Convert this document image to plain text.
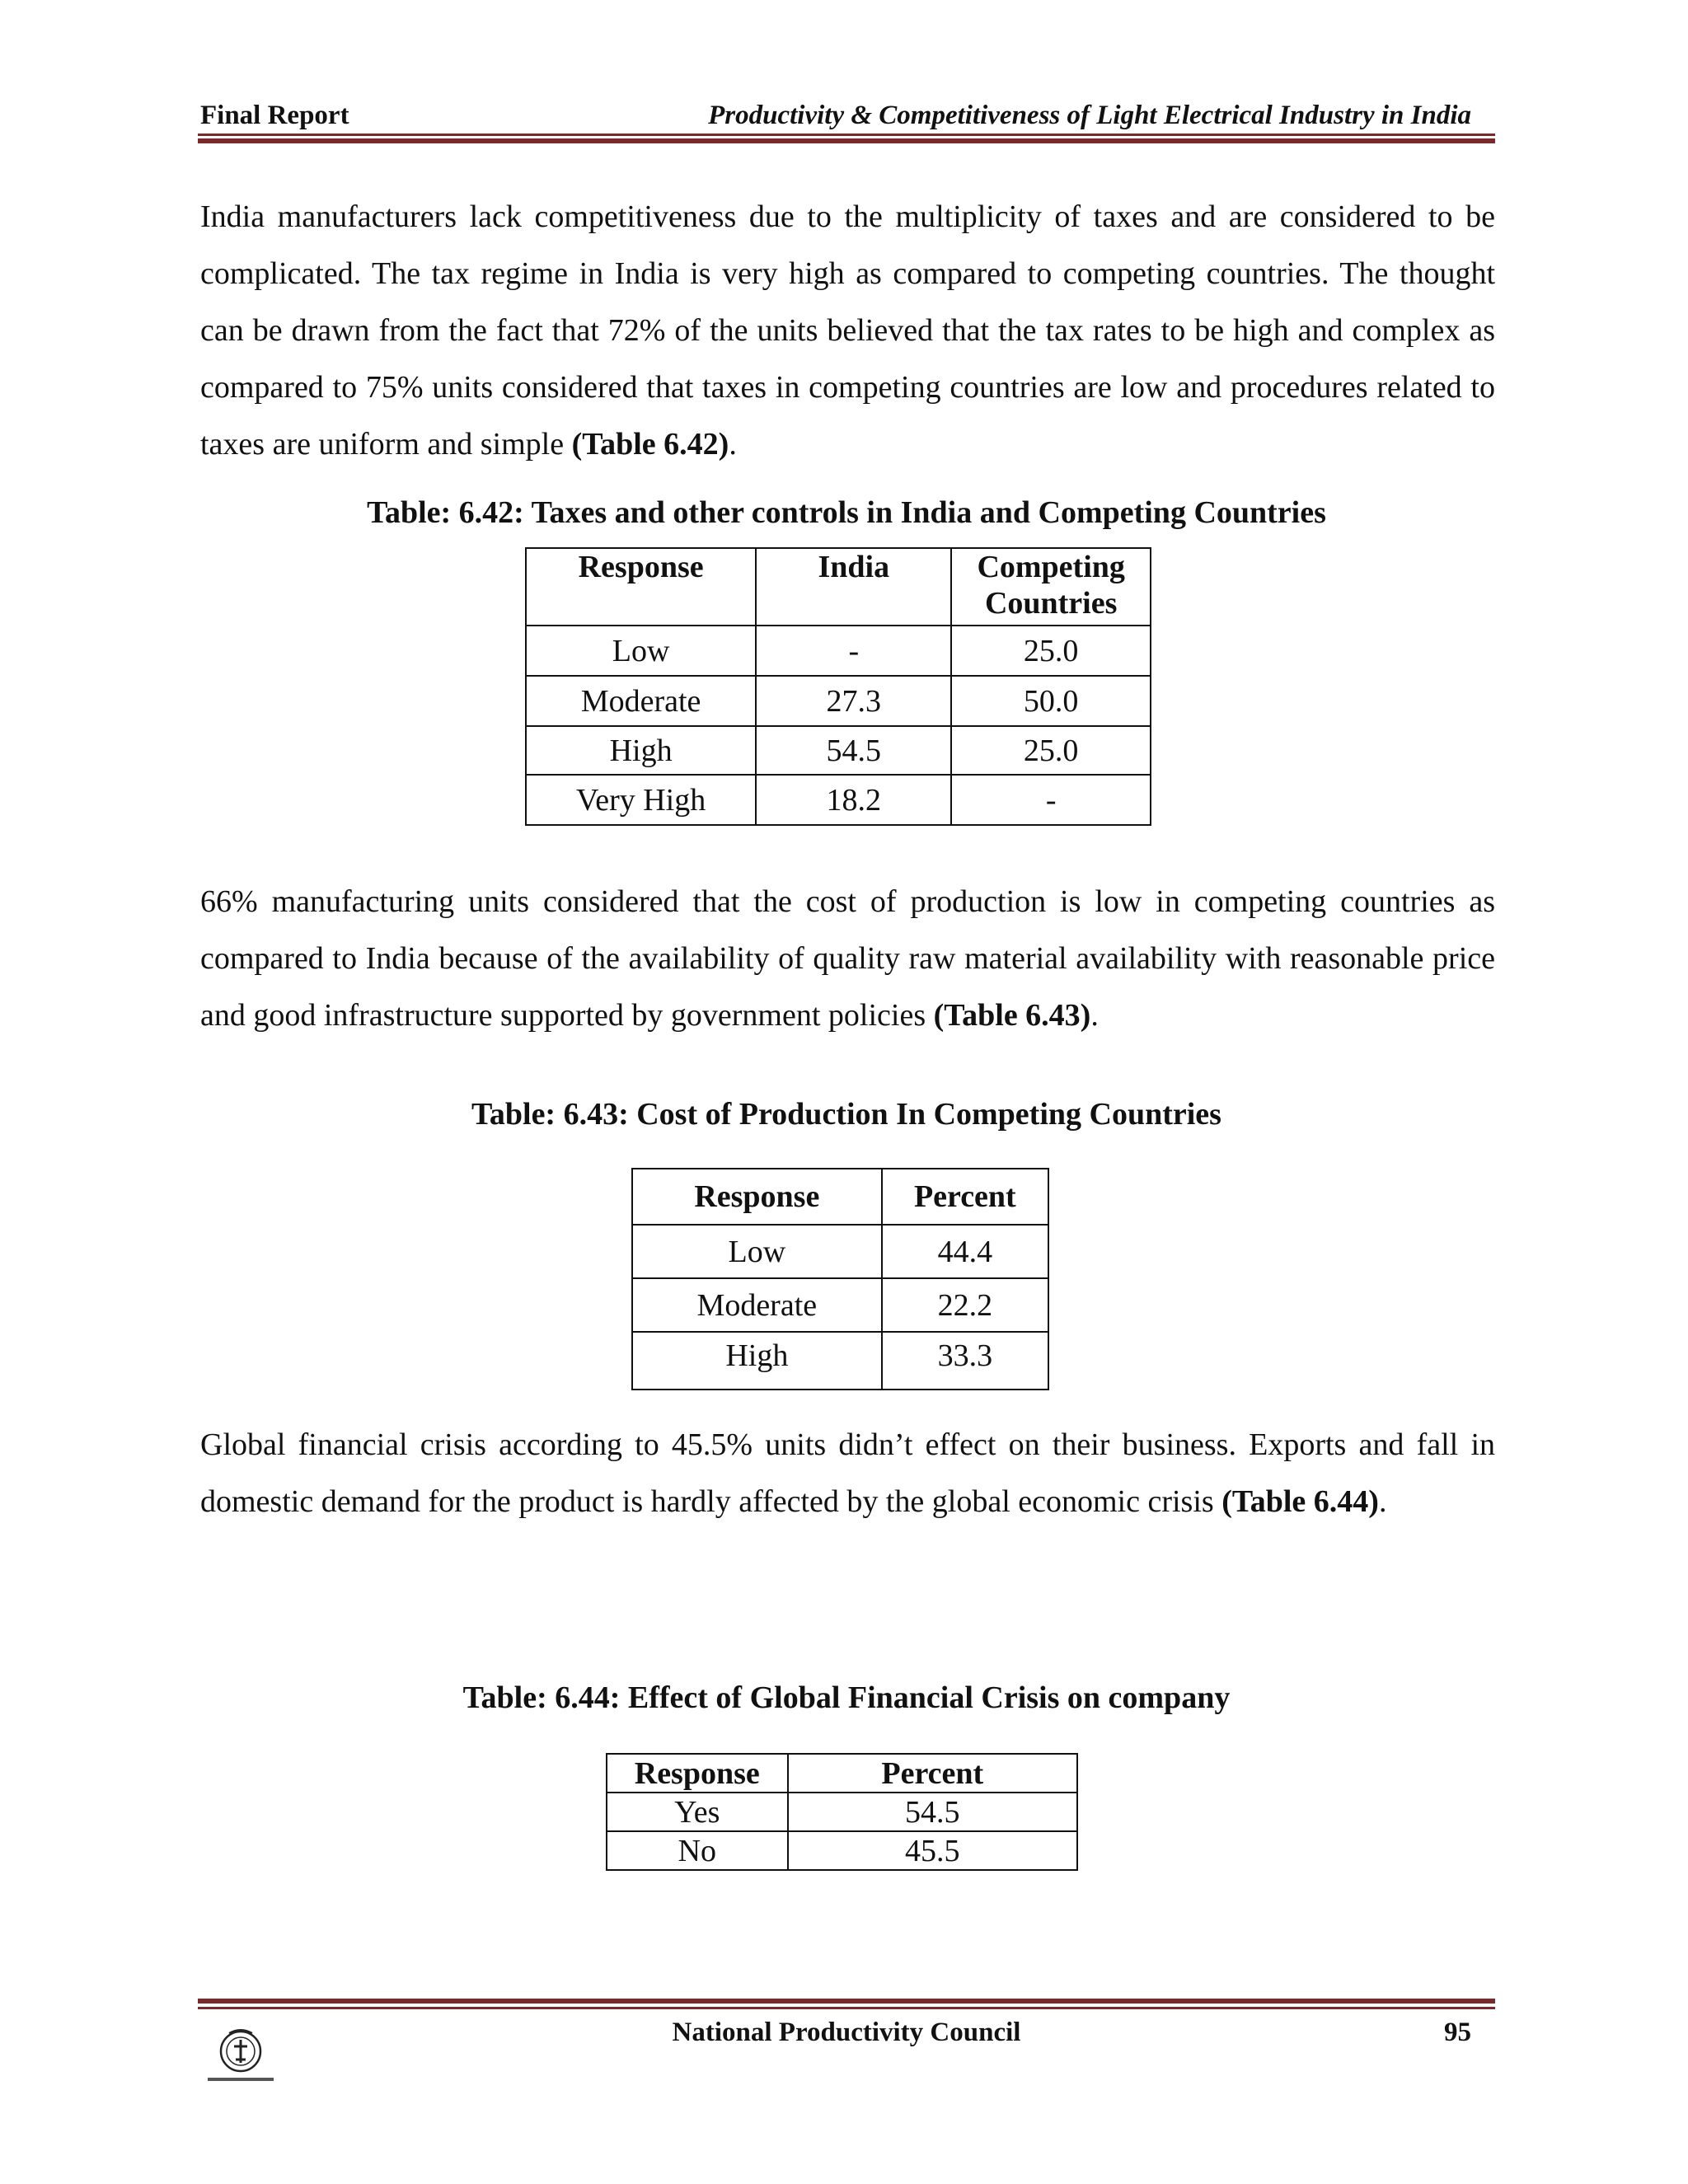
Final Report	Productivity & Competitiveness of Light Electrical Industry in India

India manufacturers lack competitiveness due to the multiplicity of taxes and are considered to be complicated. The tax regime in India is very high as compared to competing countries. The thought can be drawn from the fact that 72% of the units believed that the tax rates to be high and complex as compared to 75% units considered that taxes in competing countries are low and procedures related to taxes are uniform and simple (Table 6.42).

Table: 6.42: Taxes and other controls in India and Competing Countries

Response	India	Competing Countries
Low	-	25.0
Moderate	27.3	50.0
High	54.5	25.0
Very High	18.2	-

66% manufacturing units considered that the cost of production is low in competing countries as compared to India because of the availability of quality raw material availability with reasonable price and good infrastructure supported by government policies (Table 6.43).

Table: 6.43: Cost of Production In Competing Countries

Response	Percent
Low	44.4
Moderate	22.2
High	33.3

Global financial crisis according to 45.5% units didn’t effect on their business. Exports and fall in domestic demand for the product is hardly affected by the global economic crisis (Table 6.44).

Table: 6.44: Effect of Global Financial Crisis on company

Response	Percent
Yes	54.5
No	45.5
National Productivity Council	95
